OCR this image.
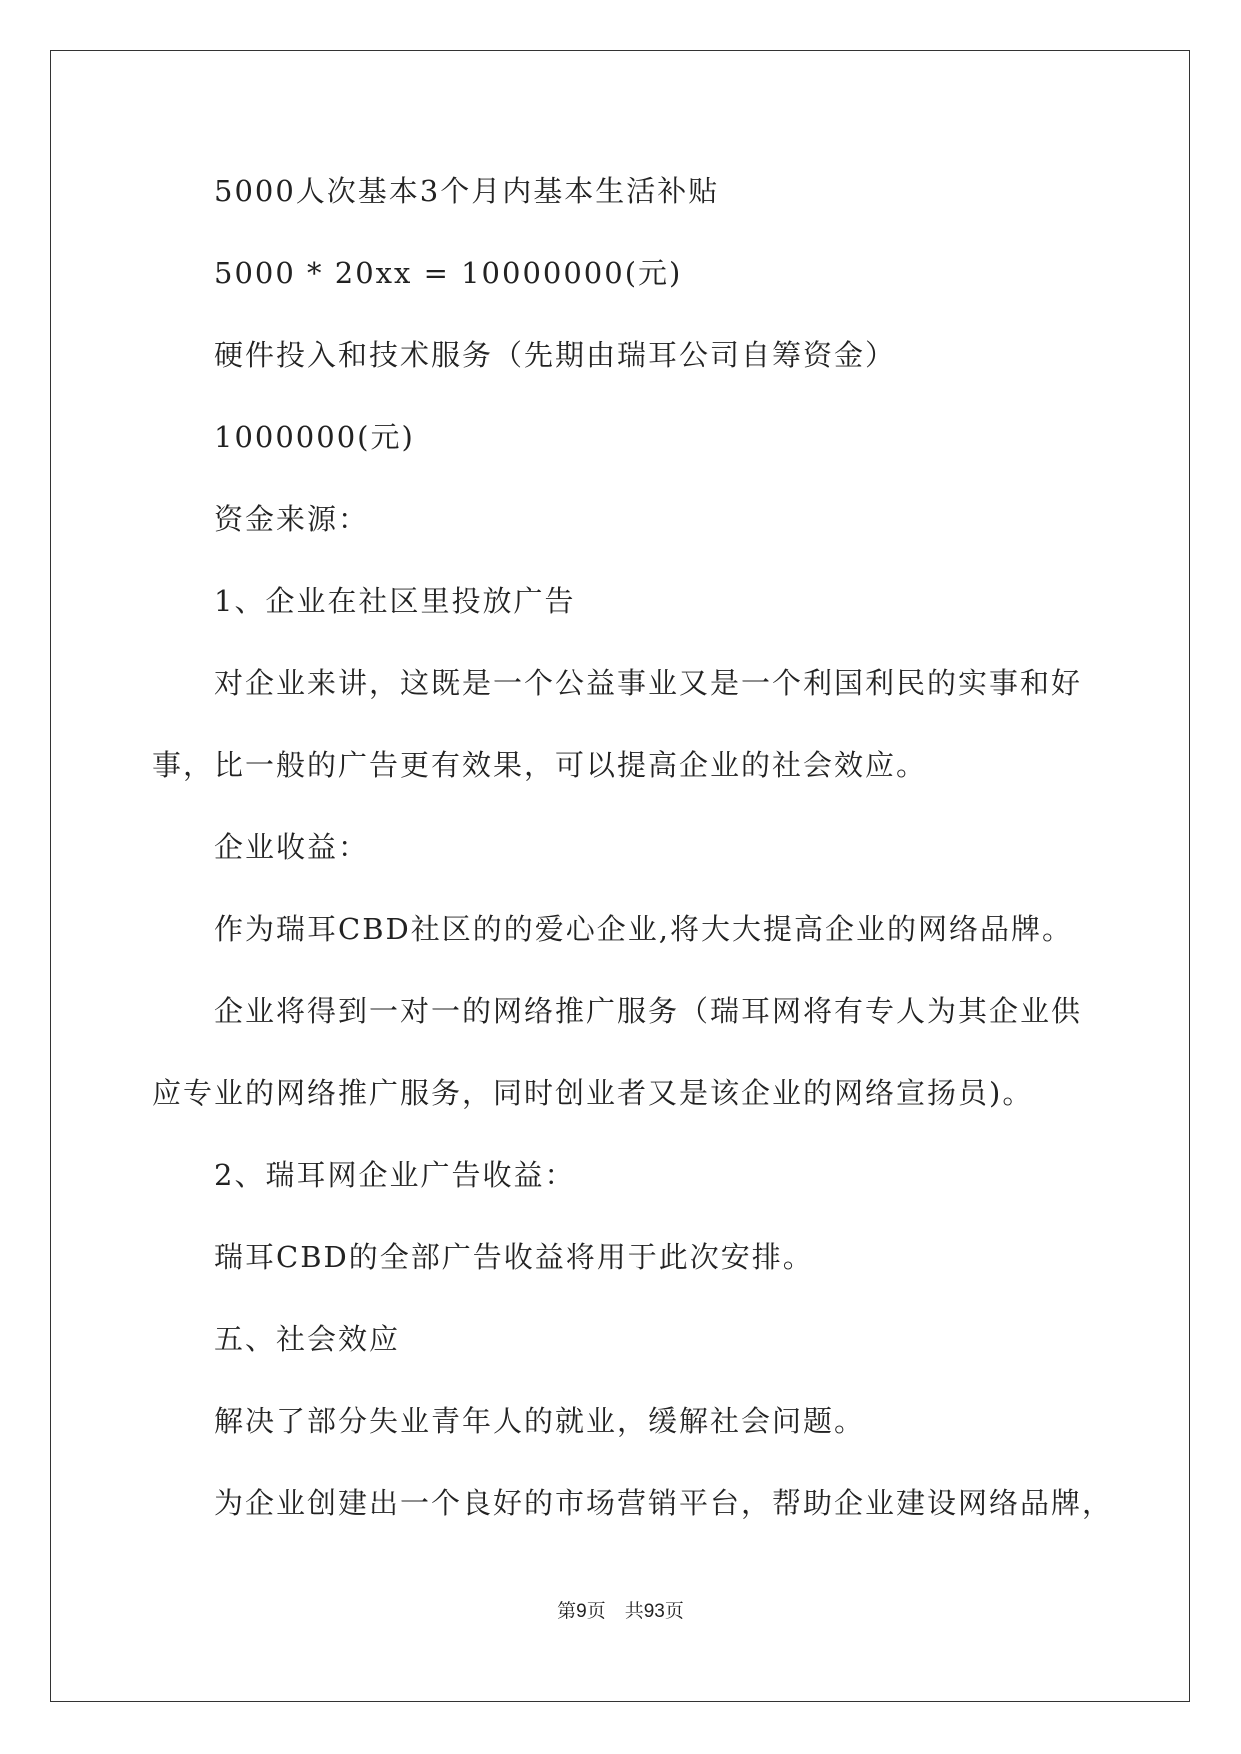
5000人次基本3个月内基本生活补贴

5000 * 20xx = 10000000(元)

硬件投入和技术服务（先期由瑞耳公司自筹资金）

1000000(元)

资金来源：

1、企业在社区里投放广告

对企业来讲，这既是一个公益事业又是一个利国利民的实事和好

事，比一般的广告更有效果，可以提高企业的社会效应。

企业收益：

作为瑞耳CBD社区的的爱心企业,将大大提高企业的网络品牌。

企业将得到一对一的网络推广服务（瑞耳网将有专人为其企业供

应专业的网络推广服务，同时创业者又是该企业的网络宣扬员)。

2、瑞耳网企业广告收益：

瑞耳CBD的全部广告收益将用于此次安排。

五、社会效应

解决了部分失业青年人的就业，缓解社会问题。

为企业创建出一个良好的市场营销平台，帮助企业建设网络品牌，

第9页　共93页
